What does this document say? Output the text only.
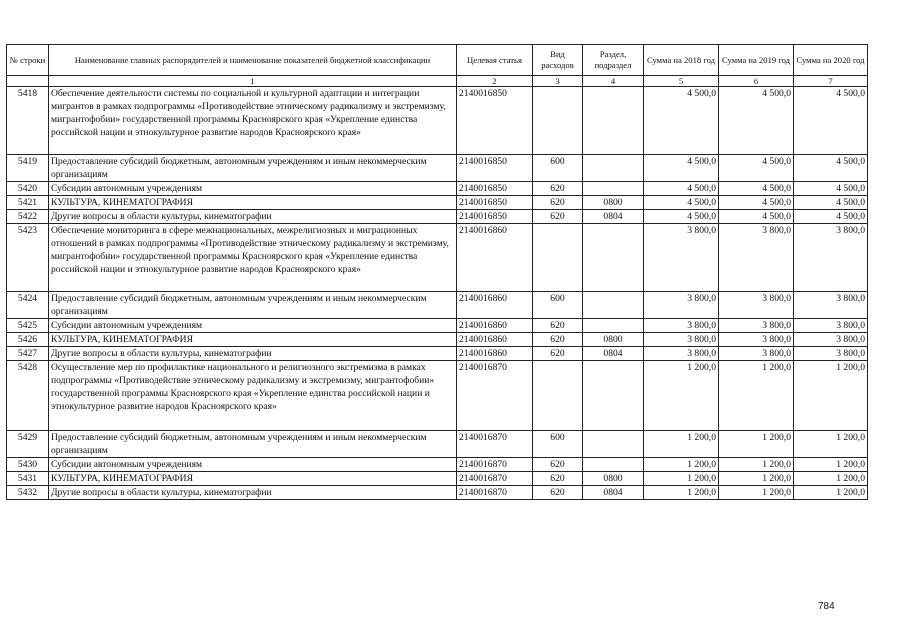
№ строки	Наименование главных распорядителей и наименование показателей бюджетной классификации	Целевая статья	Вид расходов	Раздел, подраздел	Сумма на 2018 год	Сумма на 2019 год	Сумма на 2020 год
	1	2	3	4	5	6	7
5418	Обеспечение деятельности системы по социальной и культурной адаптации и интеграции мигрантов в рамках подпрограммы «Противодействие этническому радикализму и экстремизму, мигрантофобии» государственной программы Красноярского края «Укрепление единства российской нации и этнокультурное развитие народов Красноярского края»	2140016850			4 500,0	4 500,0	4 500,0
5419	Предоставление субсидий бюджетным, автономным учреждениям и иным некоммерческим организациям	2140016850	600		4 500,0	4 500,0	4 500,0
5420	Субсидии автономным учреждениям	2140016850	620		4 500,0	4 500,0	4 500,0
5421	КУЛЬТУРА, КИНЕМАТОГРАФИЯ	2140016850	620	0800	4 500,0	4 500,0	4 500,0
5422	Другие вопросы в области культуры, кинематографии	2140016850	620	0804	4 500,0	4 500,0	4 500,0
5423	Обеспечение мониторинга в сфере межнациональных, межрелигиозных и миграционных отношений в рамках подпрограммы «Противодействие этническому радикализму и экстремизму, мигрантофобии» государственной программы Красноярского края «Укрепление единства российской нации и этнокультурное развитие народов Красноярского края»	2140016860			3 800,0	3 800,0	3 800,0
5424	Предоставление субсидий бюджетным, автономным учреждениям и иным некоммерческим организациям	2140016860	600		3 800,0	3 800,0	3 800,0
5425	Субсидии автономным учреждениям	2140016860	620		3 800,0	3 800,0	3 800,0
5426	КУЛЬТУРА, КИНЕМАТОГРАФИЯ	2140016860	620	0800	3 800,0	3 800,0	3 800,0
5427	Другие вопросы в области культуры, кинематографии	2140016860	620	0804	3 800,0	3 800,0	3 800,0
5428	Осуществление мер по профилактике национального и религиозного экстремизма в рамках подпрограммы «Противодействие этническому радикализму и экстремизму, мигрантофобии» государственной программы Красноярского края «Укрепление единства российской нации и этнокультурное развитие народов Красноярского края»	2140016870			1 200,0	1 200,0	1 200,0
5429	Предоставление субсидий бюджетным, автономным учреждениям и иным некоммерческим организациям	2140016870	600		1 200,0	1 200,0	1 200,0
5430	Субсидии автономным учреждениям	2140016870	620		1 200,0	1 200,0	1 200,0
5431	КУЛЬТУРА, КИНЕМАТОГРАФИЯ	2140016870	620	0800	1 200,0	1 200,0	1 200,0
5432	Другие вопросы в области культуры, кинематографии	2140016870	620	0804	1 200,0	1 200,0	1 200,0
784
